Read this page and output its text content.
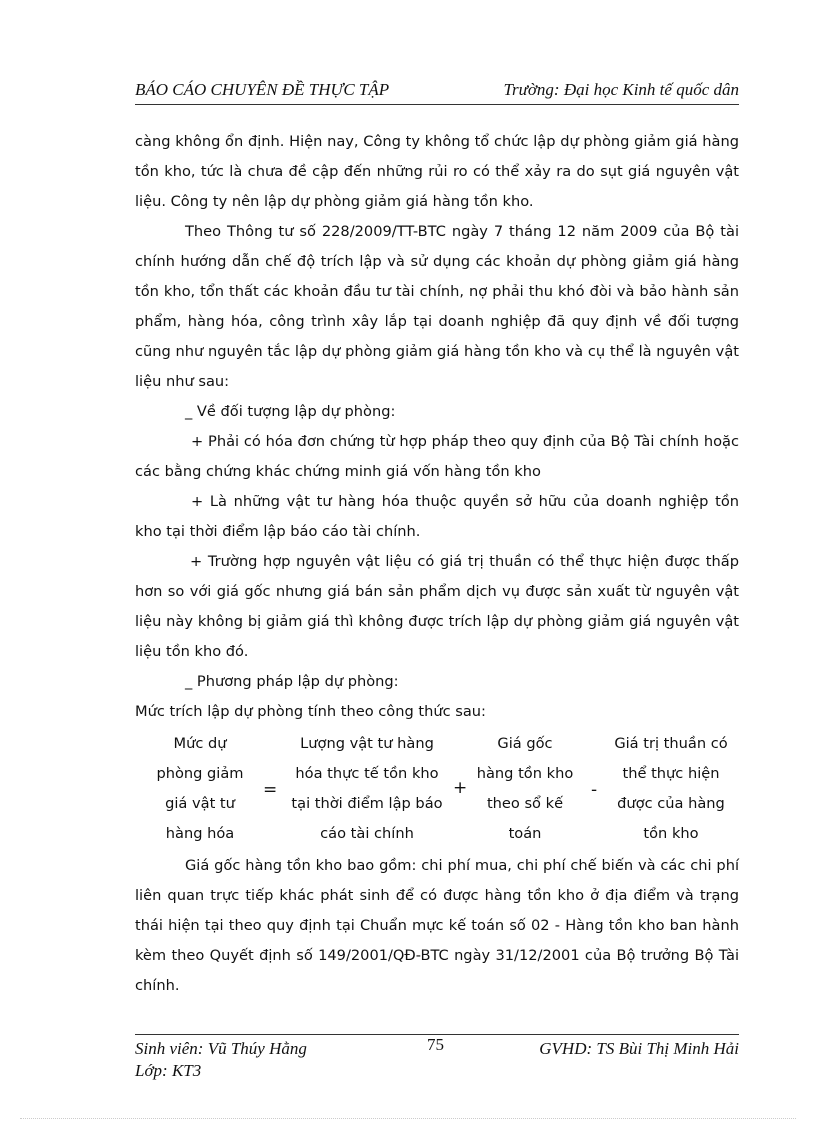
BÁO CÁO CHUYÊN ĐỀ THỰC TẬP	Trường: Đại học Kinh tế quốc dân

càng không ổn định. Hiện nay, Công ty không tổ chức lập dự phòng giảm giá hàng tồn kho, tức là chưa đề cập đến những rủi ro có thể xảy ra do sụt giá nguyên vật liệu. Công ty nên lập dự phòng giảm giá hàng tồn kho.

Theo Thông tư số 228/2009/TT-BTC ngày 7 tháng 12 năm 2009 của Bộ tài chính hướng dẫn chế độ trích lập và sử dụng các khoản dự phòng giảm giá hàng tồn kho, tổn thất các khoản đầu tư tài chính, nợ phải thu khó đòi và bảo hành sản phẩm, hàng hóa, công trình xây lắp tại doanh nghiệp đã quy định về đối tượng cũng như nguyên tắc lập dự phòng giảm giá hàng tồn kho và cụ thể là nguyên vật liệu như sau:

_ Về đối tượng lập dự phòng:

+ Phải có hóa đơn chứng từ hợp pháp theo quy định của Bộ Tài chính hoặc các bằng chứng khác chứng minh giá vốn hàng tồn kho

+ Là những vật tư hàng hóa thuộc quyền sở hữu của doanh nghiệp tồn kho tại thời điểm lập báo cáo tài chính.

+ Trường hợp nguyên vật liệu có giá trị thuần có thể thực hiện được thấp hơn so với giá gốc nhưng giá bán sản phẩm dịch vụ được sản xuất từ nguyên vật liệu này không bị giảm giá thì không được trích lập dự phòng giảm giá nguyên vật liệu tồn kho đó.

_ Phương pháp lập dự phòng:

Mức trích lập dự phòng tính theo công thức sau:

Mức dự
phòng giảm
giá vật tư
hàng hóa
=
Lượng vật tư hàng
hóa thực tế tồn kho
tại thời điểm lập báo
cáo tài chính
+
Giá gốc
hàng tồn kho
theo sổ kế
toán
-
Giá trị thuần có
thể thực hiện
được của hàng
tồn kho

Giá gốc hàng tồn kho bao gồm: chi phí mua, chi phí chế biến và các chi phí liên quan trực tiếp khác phát sinh để có được hàng tồn kho ở địa điểm và trạng thái hiện tại theo quy định tại Chuẩn mực kế toán số 02 - Hàng tồn kho ban hành kèm theo Quyết định số 149/2001/QĐ-BTC ngày 31/12/2001 của Bộ trưởng Bộ Tài chính.

Sinh viên: Vũ Thúy Hằng
Lớp: KT3
75	GVHD: TS Bùi Thị Minh Hải
